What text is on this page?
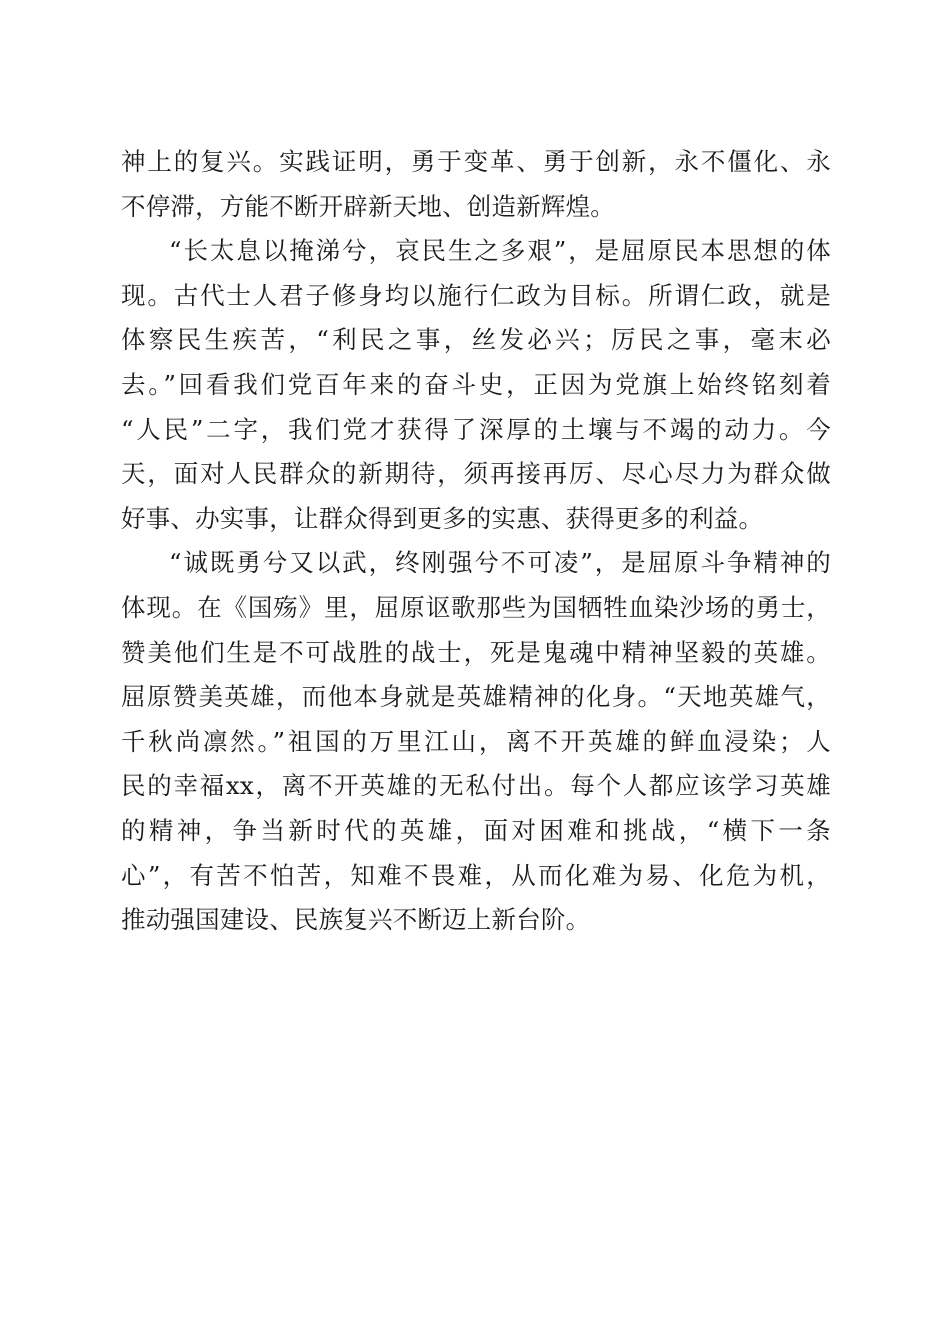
神上的复兴。实践证明，勇于变革、勇于创新，永不僵化、永
不停滞，方能不断开辟新天地、创造新辉煌。
“长太息以掩涕兮，哀民生之多艰”，是屈原民本思想的体
现。古代士人君子修身均以施行仁政为目标。所谓仁政，就是
体察民生疾苦，“利民之事，丝发必兴；厉民之事，毫末必
去。”回看我们党百年来的奋斗史，正因为党旗上始终铭刻着
“人民”二字，我们党才获得了深厚的土壤与不竭的动力。今
天，面对人民群众的新期待，须再接再厉、尽心尽力为群众做
好事、办实事，让群众得到更多的实惠、获得更多的利益。
“诚既勇兮又以武，终刚强兮不可凌”，是屈原斗争精神的
体现。在《国殇》里，屈原讴歌那些为国牺牲血染沙场的勇士，
赞美他们生是不可战胜的战士，死是鬼魂中精神坚毅的英雄。
屈原赞美英雄，而他本身就是英雄精神的化身。“天地英雄气，
千秋尚凛然。”祖国的万里江山，离不开英雄的鲜血浸染；人
民的幸福xx，离不开英雄的无私付出。每个人都应该学习英雄
的精神，争当新时代的英雄，面对困难和挑战，“横下一条
心”，有苦不怕苦，知难不畏难，从而化难为易、化危为机，
推动强国建设、民族复兴不断迈上新台阶。
